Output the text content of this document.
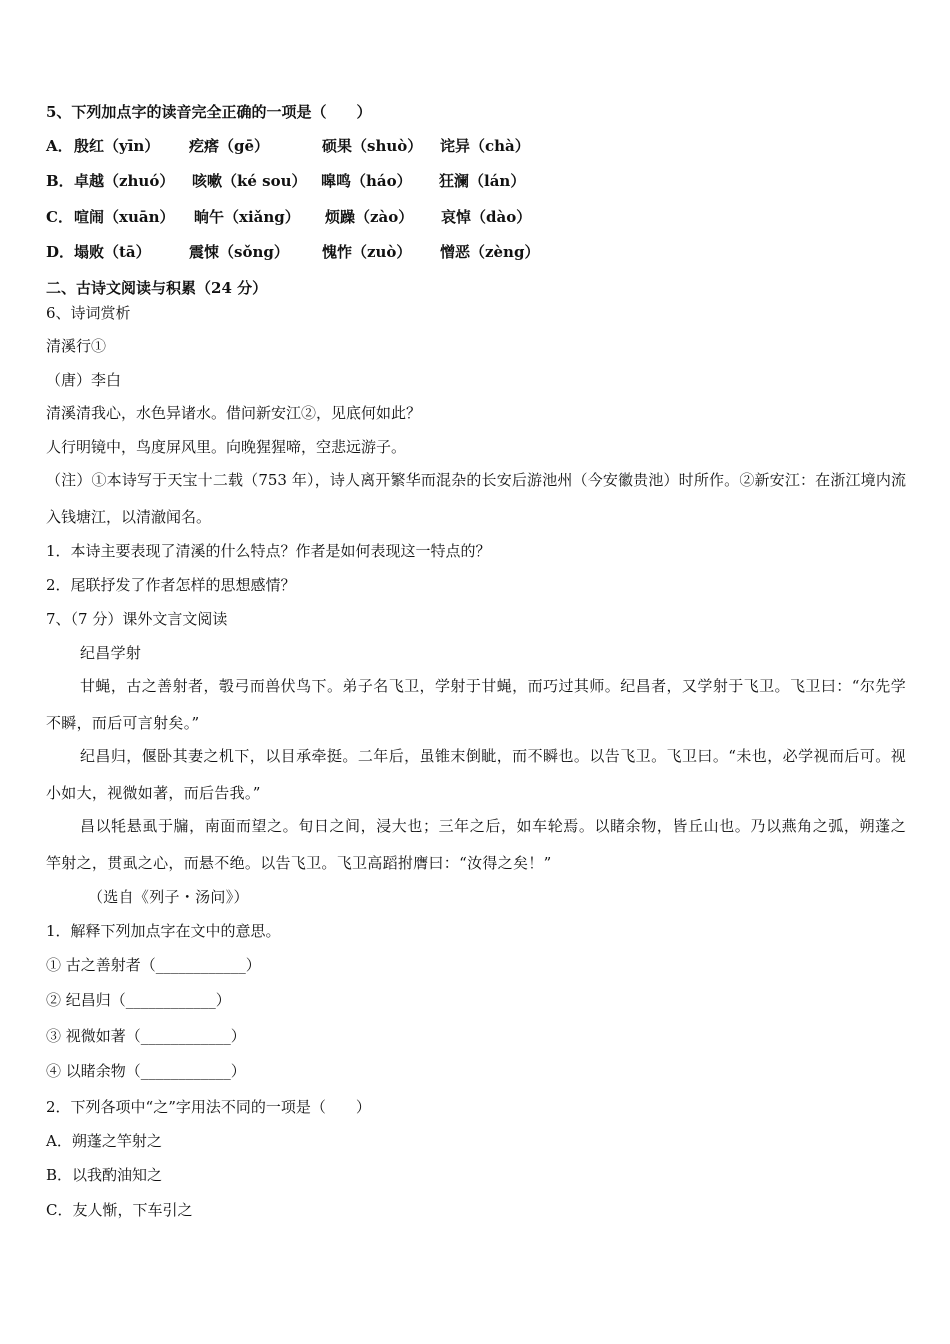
5、下列加点字的读音完全正确的一项是（　　）
A． 殷红（yīn） 疙瘩（gē）	硕果（shuò） 诧异（chà）
B． 卓越（zhuó） 咳嗽（ké sou） 嗥鸣（háo） 狂澜（lán）
C． 喧闹（xuān） 晌午（xiǎng） 烦躁（zào） 哀悼（dào）
D． 塌败（tā）	震悚（sǒng） 愧怍（zuò） 憎恶（zèng）
二、古诗文阅读与积累（24 分）
6、诗词赏析
清溪行①
（唐）李白
清溪清我心，水色异诸水。借问新安江②，见底何如此？
人行明镜中，鸟度屏风里。向晚猩猩啼，空悲远游子。
（注）①本诗写于天宝十二载（753 年），诗人离开繁华而混杂的长安后游池州（今安徽贵池）时所作。②新安江：在浙江境内流入钱塘江，以清澈闻名。
1．本诗主要表现了清溪的什么特点？作者是如何表现这一特点的？
2．尾联抒发了作者怎样的思想感情？
7、（7 分）课外文言文阅读
纪昌学射
甘蝇，古之善射者，彀弓而兽伏鸟下。弟子名飞卫，学射于甘蝇，而巧过其师。纪昌者，又学射于飞卫。飞卫曰：“尔先学不瞬，而后可言射矣。”
纪昌归，偃卧其妻之机下，以目承牵挺。二年后，虽锥末倒眦，而不瞬也。以告飞卫。飞卫曰。“未也，必学视而后可。视小如大，视微如著，而后告我。”
昌以牦悬虱于牖，南面而望之。旬日之间，浸大也；三年之后，如车轮焉。以睹余物，皆丘山也。乃以燕角之弧，朔蓬之竿射之，贯虱之心，而悬不绝。以告飞卫。飞卫高蹈拊膺曰：“汝得之矣！”
（选自《列子・汤问》）
1．解释下列加点字在文中的意思。
① 古之善射者（____________）
② 纪昌归（____________）
③ 视微如著（____________）
④ 以睹余物（____________）
2．下列各项中“之”字用法不同的一项是（　　）
A．朔蓬之竿射之
B．以我酌油知之
C．友人惭，下车引之
